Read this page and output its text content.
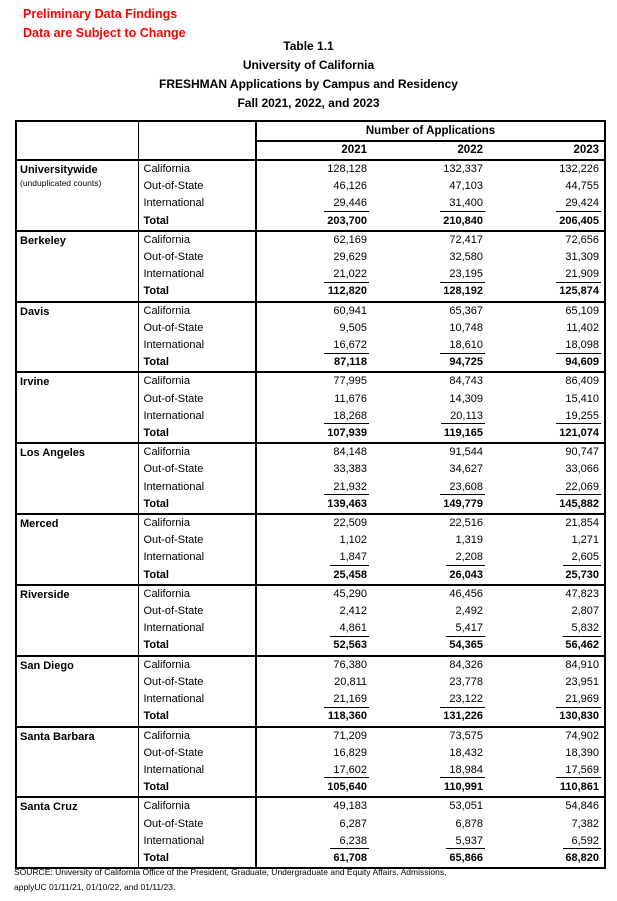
Preliminary Data Findings
Data are Subject to Change
Table 1.1
University of California
FRESHMAN Applications by Campus and Residency
Fall 2021, 2022, and 2023
		Number of Applications		
		2021	2022	2023

Universitywide
(unduplicated counts)	California	128,128	132,337	132,226
	Out-of-State	46,126	47,103	44,755
	International	29,446	31,400	29,424
	Total	203,700	210,840	206,405

Berkeley	California	62,169	72,417	72,656
	Out-of-State	29,629	32,580	31,309
	International	21,022	23,195	21,909
	Total	112,820	128,192	125,874

Davis	California	60,941	65,367	65,109
	Out-of-State	9,505	10,748	11,402
	International	16,672	18,610	18,098
	Total	87,118	94,725	94,609

Irvine	California	77,995	84,743	86,409
	Out-of-State	11,676	14,309	15,410
	International	18,268	20,113	19,255
	Total	107,939	119,165	121,074

Los Angeles	California	84,148	91,544	90,747
	Out-of-State	33,383	34,627	33,066
	International	21,932	23,608	22,069
	Total	139,463	149,779	145,882

Merced	California	22,509	22,516	21,854
	Out-of-State	1,102	1,319	1,271
	International	1,847	2,208	2,605
	Total	25,458	26,043	25,730

Riverside	California	45,290	46,456	47,823
	Out-of-State	2,412	2,492	2,807
	International	4,861	5,417	5,832
	Total	52,563	54,365	56,462

San Diego	California	76,380	84,326	84,910
	Out-of-State	20,811	23,778	23,951
	International	21,169	23,122	21,969
	Total	118,360	131,226	130,830

Santa Barbara	California	71,209	73,575	74,902
	Out-of-State	16,829	18,432	18,390
	International	17,602	18,984	17,569
	Total	105,640	110,991	110,861

Santa Cruz	California	49,183	53,051	54,846
	Out-of-State	6,287	6,878	7,382
	International	6,238	5,937	6,592
	Total	61,708	65,866	68,820
SOURCE: University of California Office of the President, Graduate, Undergraduate and Equity Affairs, Admissions,
applyUC 01/11/21, 01/10/22, and 01/11/23.
